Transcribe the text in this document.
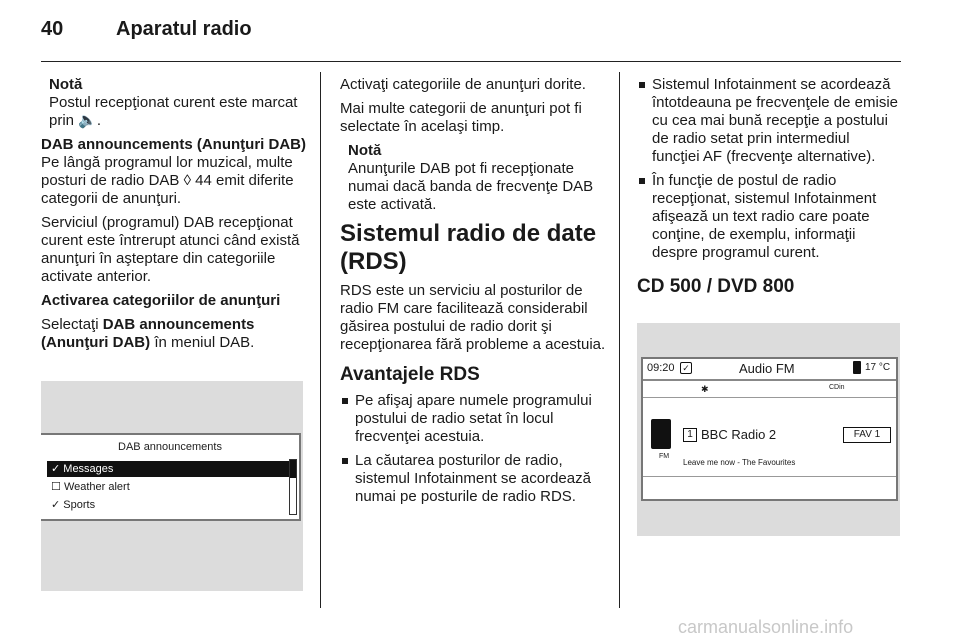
40	Aparatul radio
Notă
Postul recepţionat curent este marcat prin 🔈.

DAB announcements (Anunţuri DAB)
Pe lângă programul lor muzical, multe posturi de radio DAB ◊ 44 emit diferite categorii de anunţuri.

Serviciul (programul) DAB recepţionat curent este întrerupt atunci când există anunţuri în aşteptare din categoriile activate anterior.

Activarea categoriilor de anunţuri

Selectaţi DAB announcements (Anunţuri DAB) în meniul DAB.

DAB announcements
✓ Messages
☐ Weather alert
✓ Sports

Activaţi categoriile de anunţuri dorite.

Mai multe categorii de anunţuri pot fi selectate în acelaşi timp.

Notă
Anunţurile DAB pot fi recepţionate numai dacă banda de frecvenţe DAB este activată.
Sistemul radio de date (RDS)

RDS este un serviciu al posturilor de radio FM care facilitează considerabil găsirea postului de radio dorit şi recepţionarea fără probleme a acestuia.

Avantajele RDS
Pe afişaj apare numele programului postului de radio setat în locul frecvenţei acestuia.
La căutarea posturilor de radio, sistemul Infotainment se acordează numai pe posturile de radio RDS.
Sistemul Infotainment se acordează întotdeauna pe frecvenţele de emisie cu cea mai bună recepţie a postului de radio setat prin intermediul funcţiei AF (frecvenţe alternative).
În funcţie de postul de radio recepţionat, sistemul Infotainment afişează un text radio care poate conţine, de exemplu, informaţii despre programul curent.
CD 500 / DVD 800
09:20 ✓	Audio FM	17 °C
✱	CDin
FM
1 BBC Radio 2	FAV 1
Leave me now - The Favourites
carmanualsonline.info
